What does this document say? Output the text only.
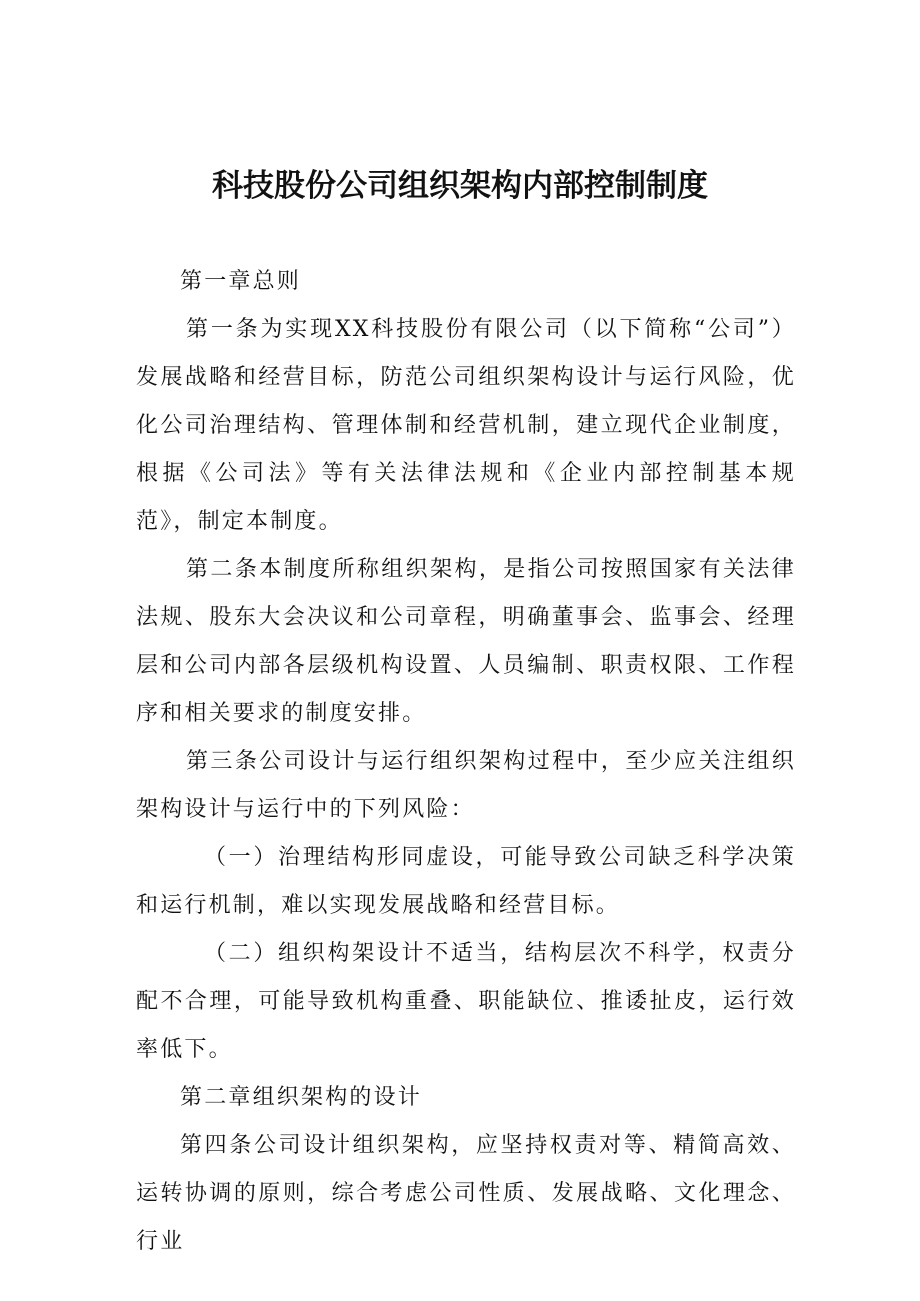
科技股份公司组织架构内部控制制度

第一章总则

第一条为实现XX科技股份有限公司（以下简称“公司”）发展战略和经营目标，防范公司组织架构设计与运行风险，优化公司治理结构、管理体制和经营机制，建立现代企业制度，根据《公司法》等有关法律法规和《企业内部控制基本规范》，制定本制度。

第二条本制度所称组织架构，是指公司按照国家有关法律法规、股东大会决议和公司章程，明确董事会、监事会、经理层和公司内部各层级机构设置、人员编制、职责权限、工作程序和相关要求的制度安排。

第三条公司设计与运行组织架构过程中，至少应关注组织架构设计与运行中的下列风险：

（一）治理结构形同虚设，可能导致公司缺乏科学决策和运行机制，难以实现发展战略和经营目标。

（二）组织构架设计不适当，结构层次不科学，权责分配不合理，可能导致机构重叠、职能缺位、推诿扯皮，运行效率低下。

第二章组织架构的设计

第四条公司设计组织架构，应坚持权责对等、精简高效、运转协调的原则，综合考虑公司性质、发展战略、文化理念、行业
